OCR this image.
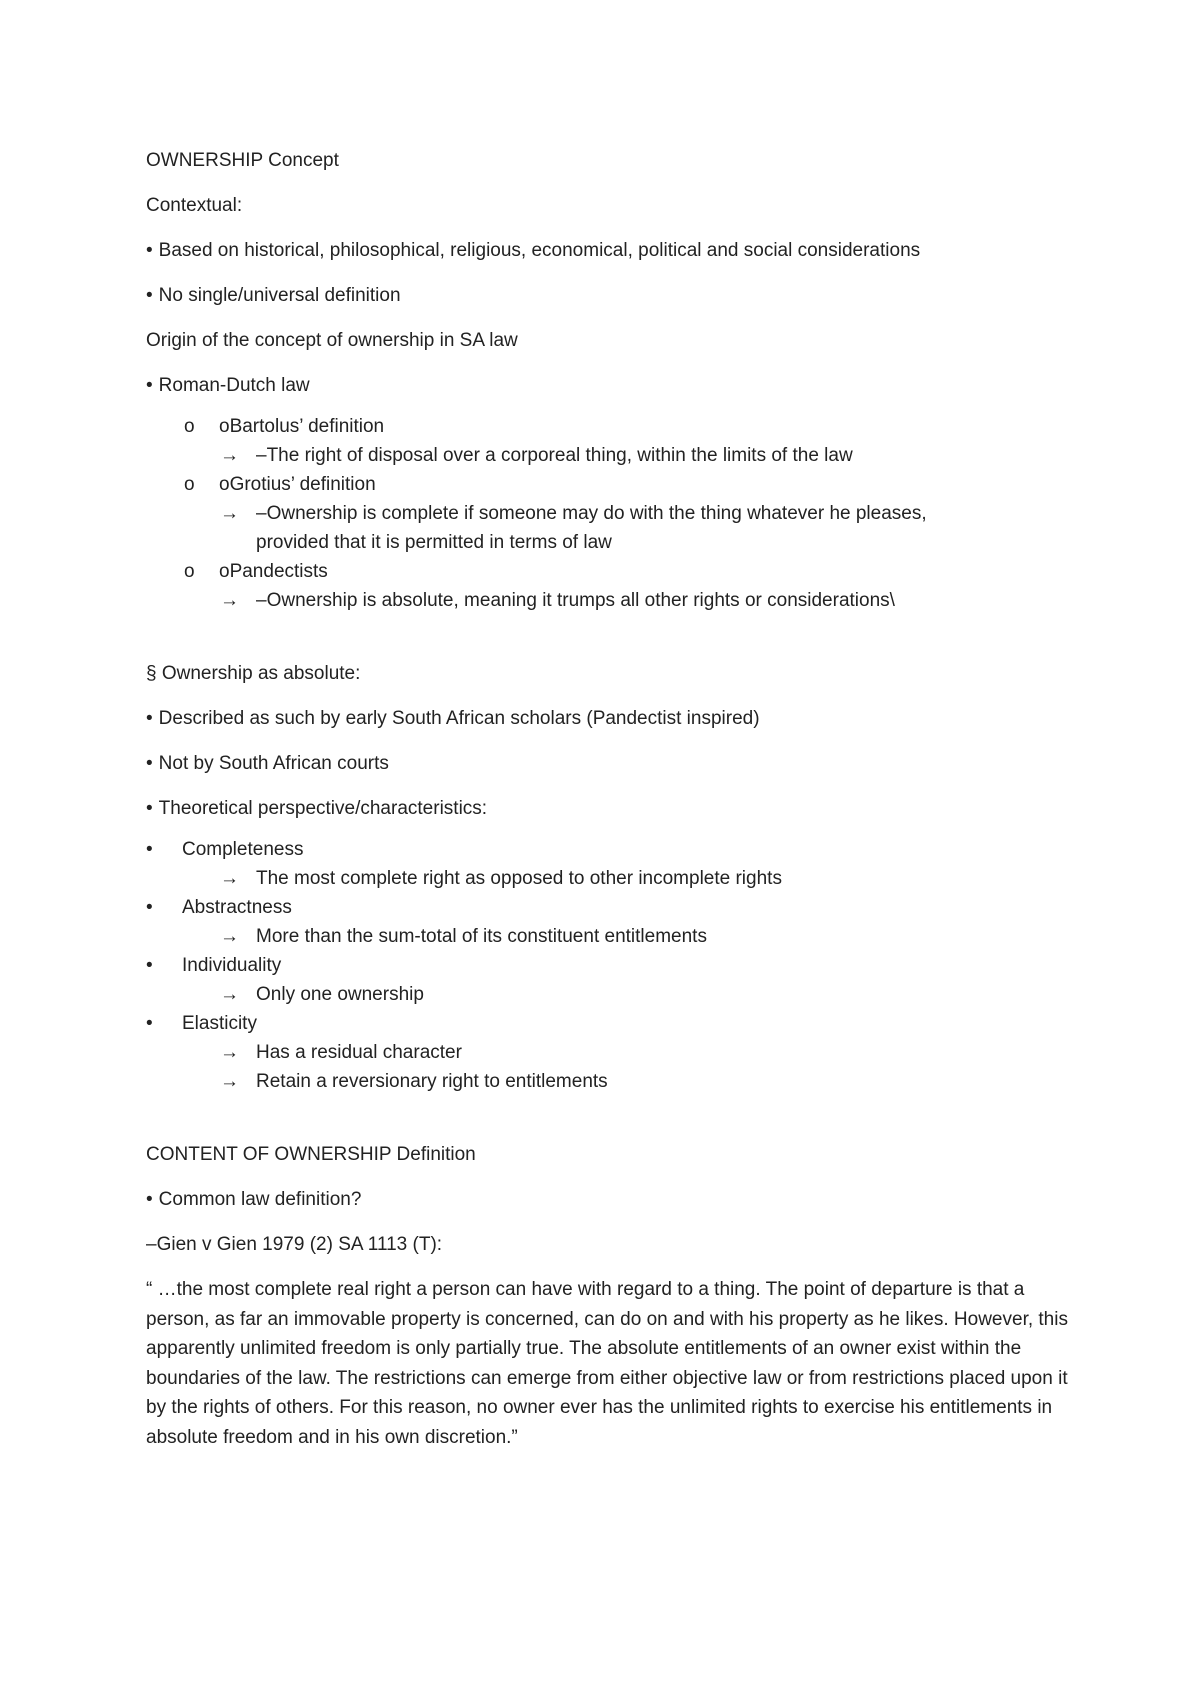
OWNERSHIP Concept
Contextual:
• Based on historical, philosophical, religious, economical, political and social considerations
• No single/universal definition
Origin of the concept of ownership in SA law
• Roman-Dutch law
o oBartolus’ definition
→ –The right of disposal over a corporeal thing, within the limits of the law
o oGrotius’ definition
→ –Ownership is complete if someone may do with the thing whatever he pleases,
provided that it is permitted in terms of law
o oPandectists
→ –Ownership is absolute, meaning it trumps all other rights or considerations\
§ Ownership as absolute:
• Described as such by early South African scholars (Pandectist inspired)
• Not by South African courts
• Theoretical perspective/characteristics:
• Completeness
→ The most complete right as opposed to other incomplete rights
• Abstractness
→ More than the sum-total of its constituent entitlements
• Individuality
→ Only one ownership
• Elasticity
→ Has a residual character
→ Retain a reversionary right to entitlements
CONTENT OF OWNERSHIP Definition
• Common law definition?
–Gien v Gien 1979 (2) SA 1113 (T):
“ …the most complete real right a person can have with regard to a thing. The point of departure is that a person, as far an immovable property is concerned, can do on and with his property as he likes. However, this apparently unlimited freedom is only partially true. The absolute entitlements of an owner exist within the boundaries of the law. The restrictions can emerge from either objective law or from restrictions placed upon it by the rights of others. For this reason, no owner ever has the unlimited rights to exercise his entitlements in absolute freedom and in his own discretion.”
